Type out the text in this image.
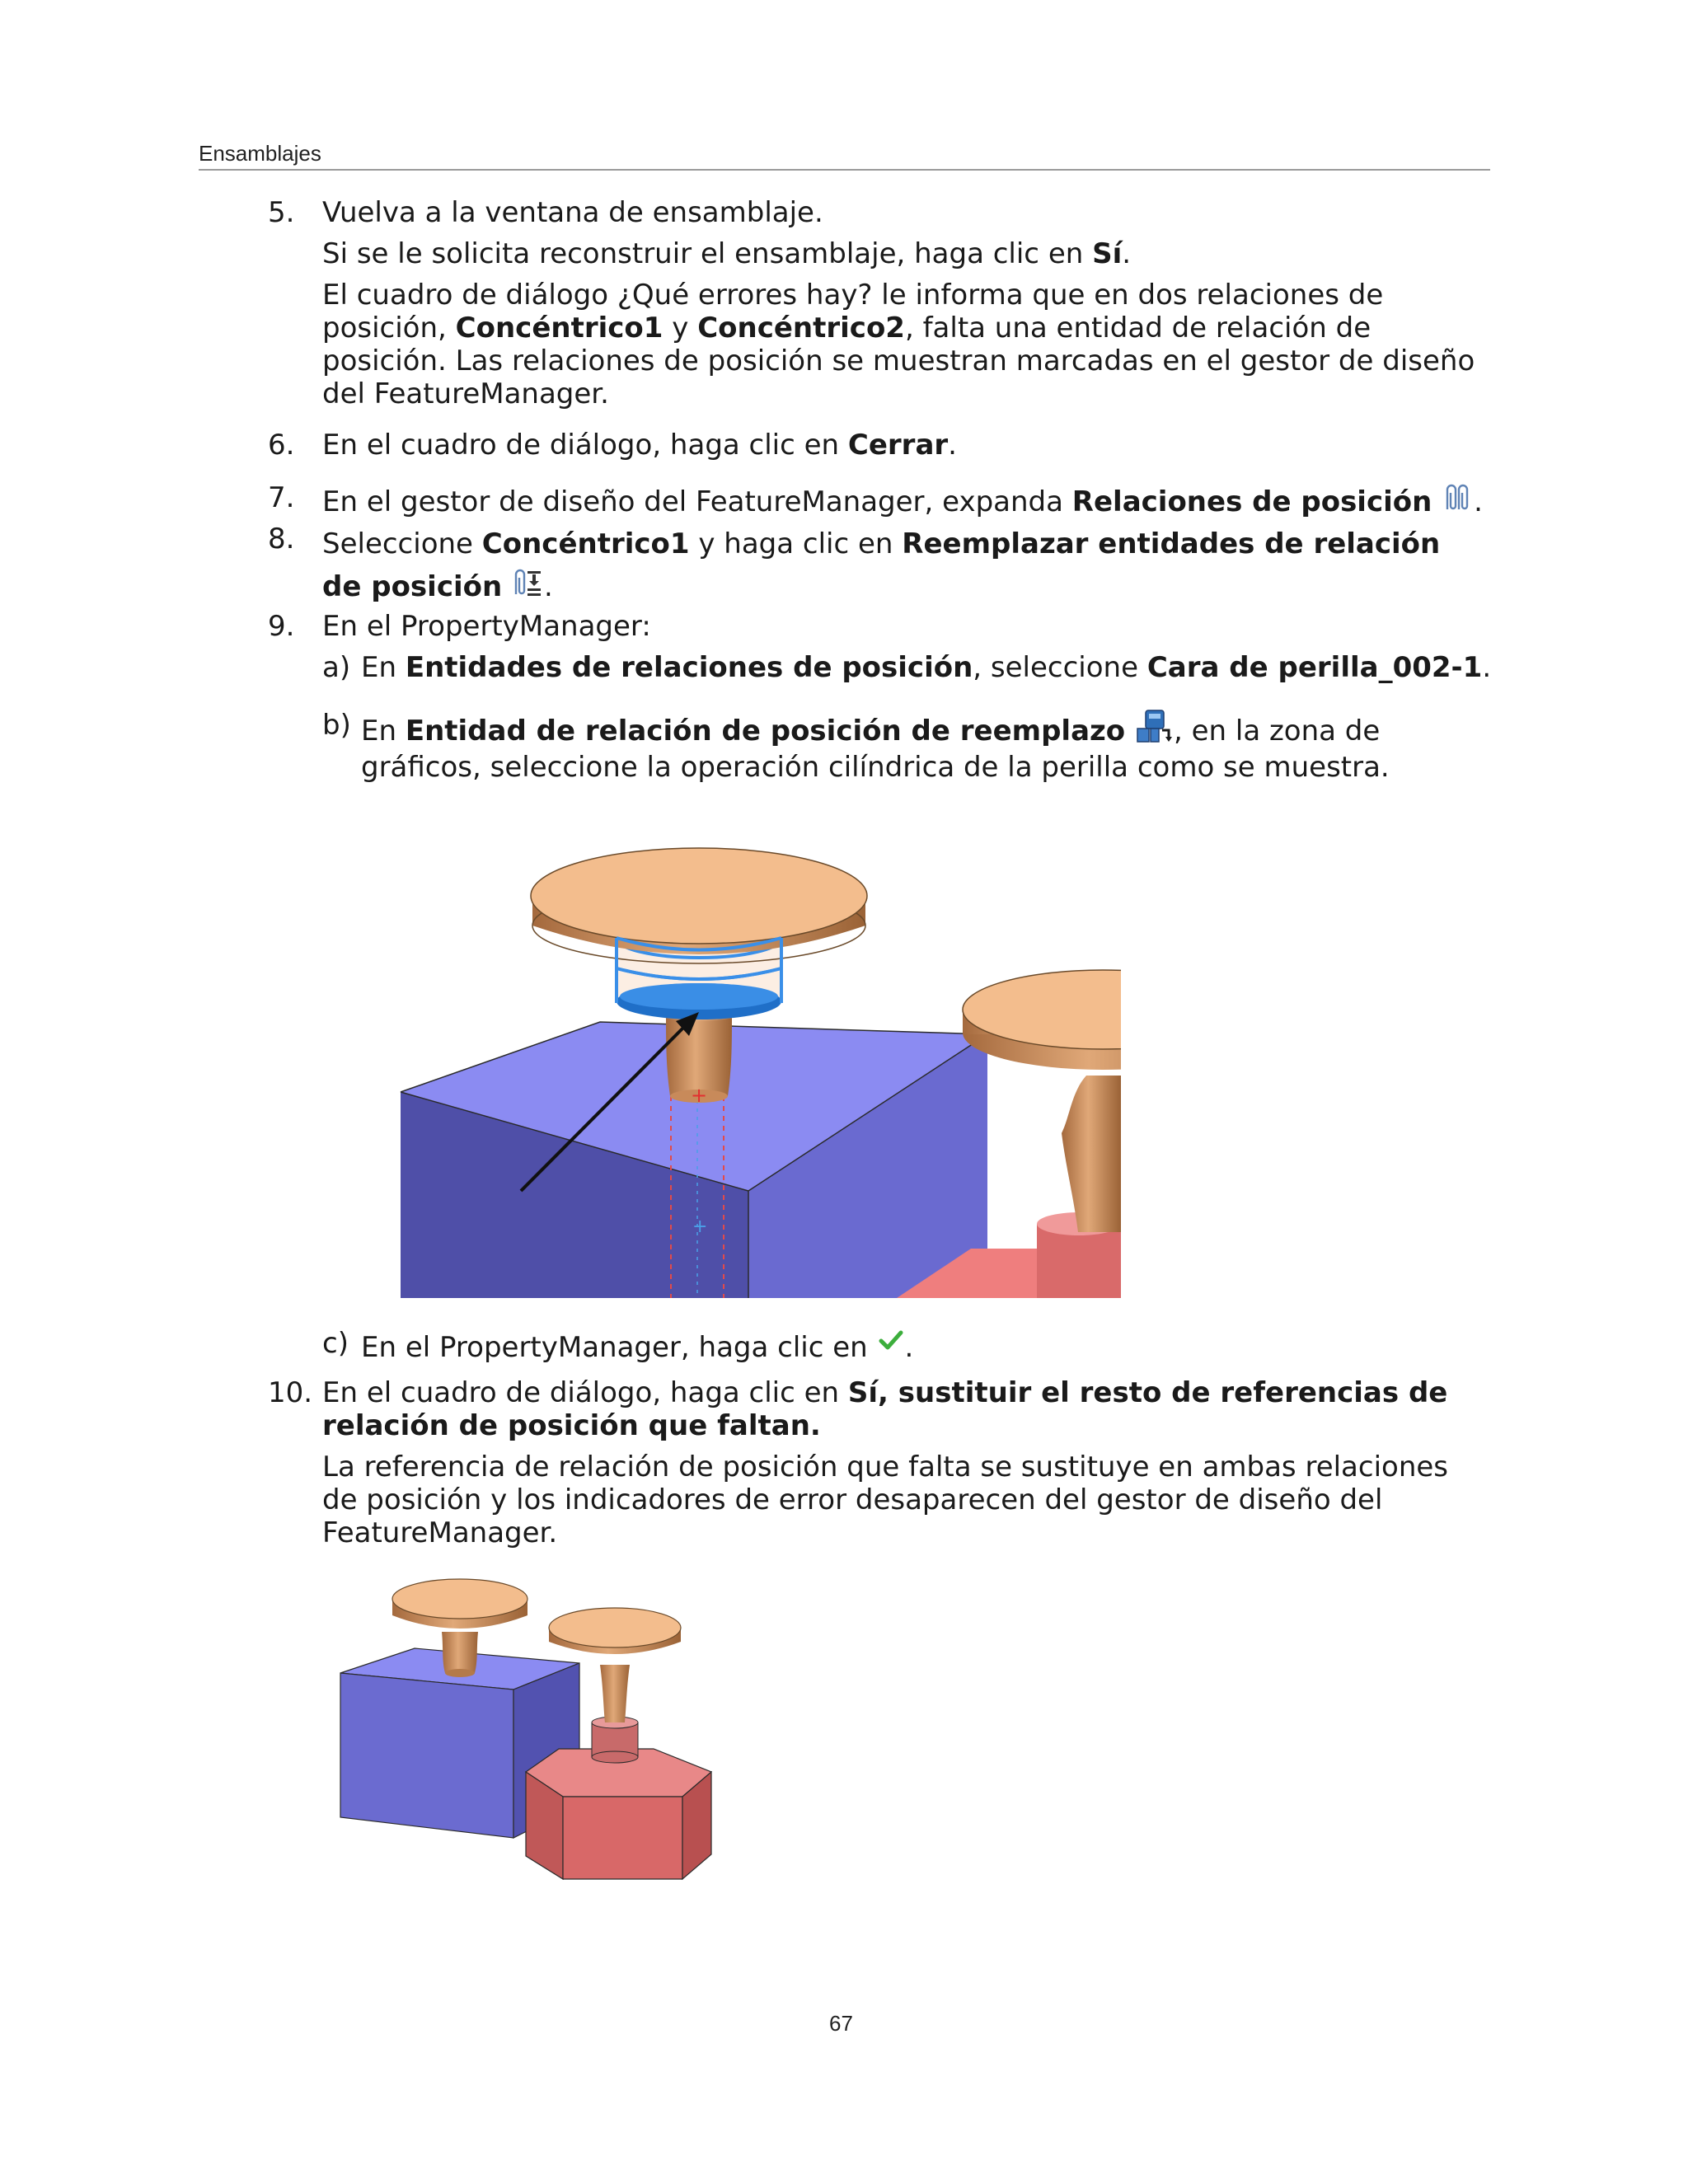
Ensamblajes
5. Vuelva a la ventana de ensamblaje.
Si se le solicita reconstruir el ensamblaje, haga clic en Sí.
El cuadro de diálogo ¿Qué errores hay? le informa que en dos relaciones de posición, Concéntrico1 y Concéntrico2, falta una entidad de relación de posición. Las relaciones de posición se muestran marcadas en el gestor de diseño del FeatureManager.
6. En el cuadro de diálogo, haga clic en Cerrar.
7. En el gestor de diseño del FeatureManager, expanda Relaciones de posición .
8. Seleccione Concéntrico1 y haga clic en Reemplazar entidades de relación de posición .
9. En el PropertyManager:
a) En Entidades de relaciones de posición, seleccione Cara de perilla_002-1.
b) En Entidad de relación de posición de reemplazo , en la zona de gráficos, seleccione la operación cilíndrica de la perilla como se muestra.
+
+
c) En el PropertyManager, haga clic en .
10. En el cuadro de diálogo, haga clic en Sí, sustituir el resto de referencias de relación de posición que faltan.
La referencia de relación de posición que falta se sustituye en ambas relaciones de posición y los indicadores de error desaparecen del gestor de diseño del FeatureManager.
67
